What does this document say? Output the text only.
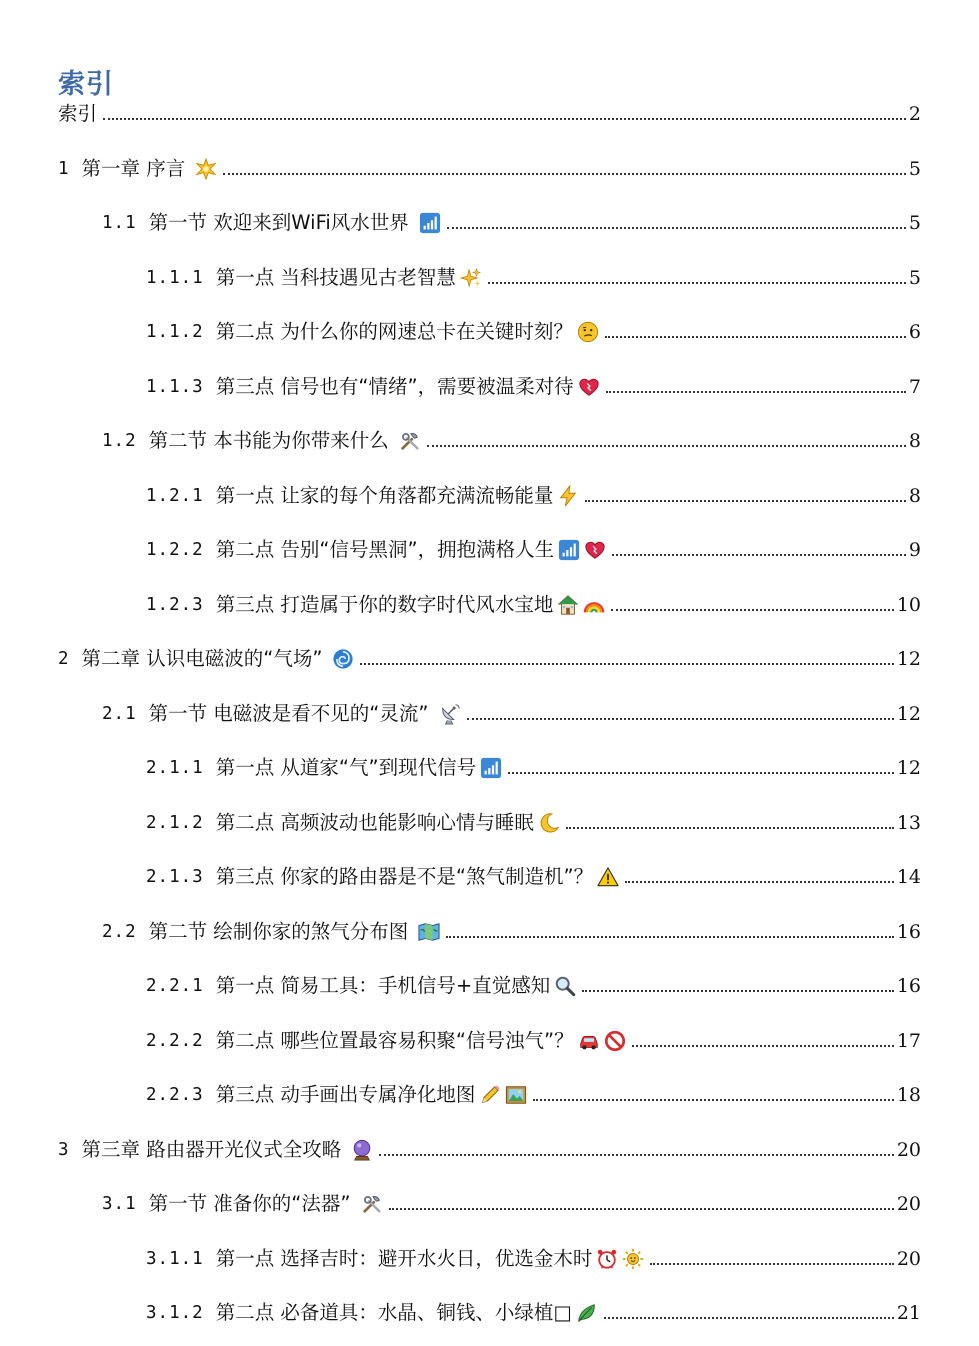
索引
索引	2
1 第一章 序言	5
1.1 第一节 欢迎来到WiFi风水世界	5
1.1.1 第一点 当科技遇见古老智慧	5
1.1.2 第二点 为什么你的网速总卡在关键时刻？	6
1.1.3 第三点 信号也有“情绪”，需要被温柔对待	7
1.2 第二节 本书能为你带来什么	8
1.2.1 第一点 让家的每个角落都充满流畅能量	8
1.2.2 第二点 告别“信号黑洞”，拥抱满格人生	9
1.2.3 第三点 打造属于你的数字时代风水宝地	10
2 第二章 认识电磁波的“气场”	12
2.1 第一节 电磁波是看不见的“灵流”	12
2.1.1 第一点 从道家“气”到现代信号	12
2.1.2 第二点 高频波动也能影响心情与睡眠	13
2.1.3 第三点 你家的路由器是不是“煞气制造机”？	14
2.2 第二节 绘制你家的煞气分布图	16
2.2.1 第一点 简易工具：手机信号+直觉感知	16
2.2.2 第二点 哪些位置最容易积聚“信号浊气”？	17
2.2.3 第三点 动手画出专属净化地图	18
3 第三章 路由器开光仪式全攻略	20
3.1 第一节 准备你的“法器”	20
3.1.1 第一点 选择吉时：避开水火日，优选金木时	20
3.1.2 第二点 必备道具：水晶、铜钱、小绿植□	21
